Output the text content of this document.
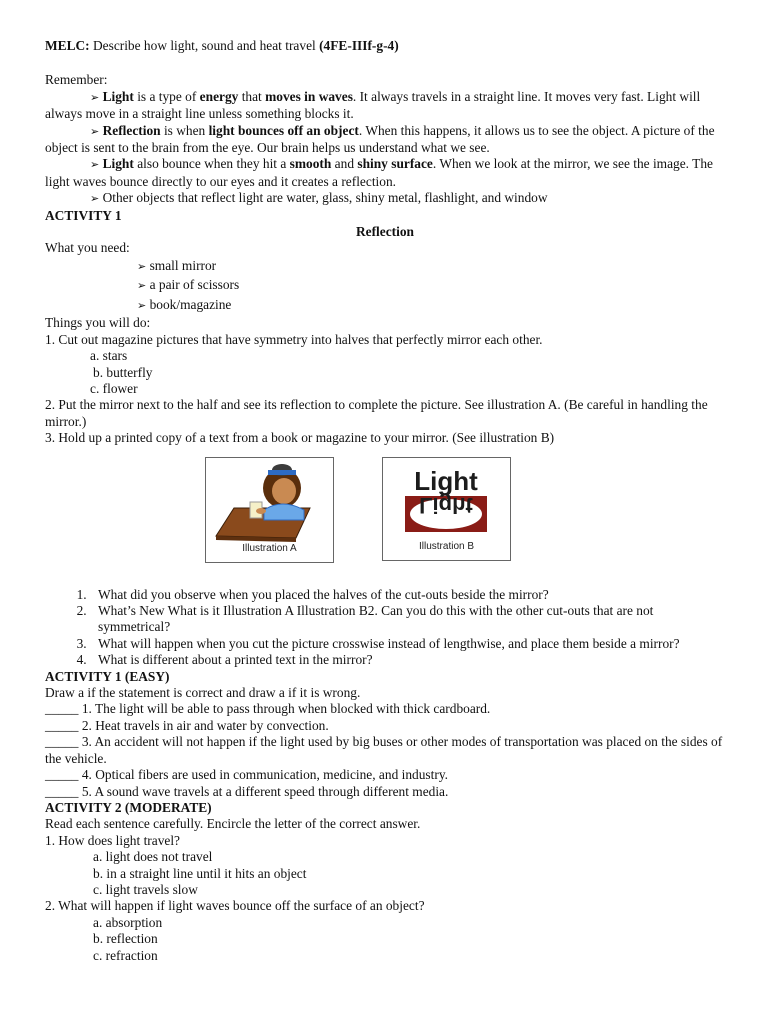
MELC: Describe how light, sound and heat travel (4FE-IIIf-g-4)

Remember:

➢ Light is a type of energy that moves in waves. It always travels in a straight line. It moves very fast. Light will always move in a straight line unless something blocks it.

➢ Reflection is when light bounces off an object. When this happens, it allows us to see the object. A picture of the object is sent to the brain from the eye. Our brain helps us understand what we see.

➢ Light also bounce when they hit a smooth and shiny surface. When we look at the mirror, we see the image. The light waves bounce directly to our eyes and it creates a reflection.

➢ Other objects that reflect light are water, glass, shiny metal, flashlight, and window

ACTIVITY 1

Reflection

What you need:

➢ small mirror

➢ a pair of scissors

➢ book/magazine

Things you will do:

1. Cut out magazine pictures that have symmetry into halves that perfectly mirror each other.

a. stars

b. butterfly

c. flower

2. Put the mirror next to the half and see its reflection to complete the picture. See illustration A. (Be careful in handling the mirror.)

3. Hold up a printed copy of a text from a book or magazine to your mirror. (See illustration B)

Illustration A
Light
Light
Illustration B
1. What did you observe when you placed the halves of the cut-outs beside the mirror?
2. What’s New What is it Illustration A Illustration B2. Can you do this with the other cut-outs that are not symmetrical?
3. What will happen when you cut the picture crosswise instead of lengthwise, and place them beside a mirror?
4. What is different about a printed text in the mirror?

ACTIVITY 1 (EASY)

Draw a if the statement is correct and draw a if it is wrong.

_____ 1. The light will be able to pass through when blocked with thick cardboard.

_____ 2. Heat travels in air and water by convection.

_____ 3. An accident will not happen if the light used by big buses or other modes of transportation was placed on the sides of the vehicle.

_____ 4. Optical fibers are used in communication, medicine, and industry.

_____ 5. A sound wave travels at a different speed through different media.

ACTIVITY 2 (MODERATE)

Read each sentence carefully. Encircle the letter of the correct answer.

1. How does light travel?

a. light does not travel

b. in a straight line until it hits an object

c. light travels slow

2. What will happen if light waves bounce off the surface of an object?

a. absorption

b. reflection

c. refraction
